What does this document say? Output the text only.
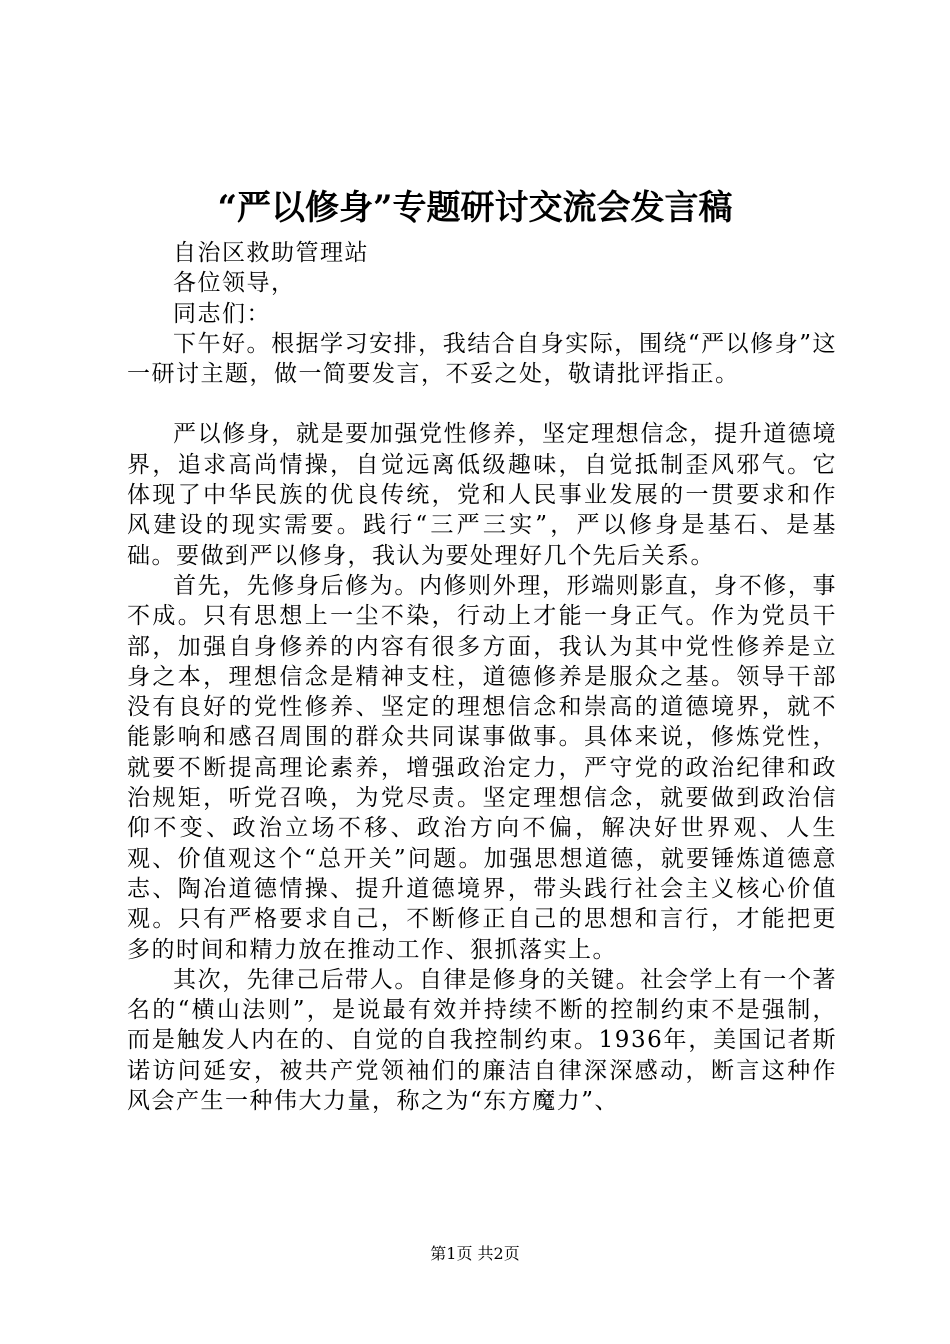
“严以修身”专题研讨交流会发言稿

自治区救助管理站

各位领导，

同志们：

下午好。根据学习安排，我结合自身实际，围绕“严以修身”这一研讨主题，做一简要发言，不妥之处，敬请批评指正。

严以修身，就是要加强党性修养，坚定理想信念，提升道德境界，追求高尚情操，自觉远离低级趣味，自觉抵制歪风邪气。它体现了中华民族的优良传统，党和人民事业发展的一贯要求和作风建设的现实需要。践行“三严三实”，严以修身是基石、是基础。要做到严以修身，我认为要处理好几个先后关系。

首先，先修身后修为。内修则外理，形端则影直，身不修，事不成。只有思想上一尘不染，行动上才能一身正气。作为党员干部，加强自身修养的内容有很多方面，我认为其中党性修养是立身之本，理想信念是精神支柱，道德修养是服众之基。领导干部没有良好的党性修养、坚定的理想信念和崇高的道德境界，就不能影响和感召周围的群众共同谋事做事。具体来说，修炼党性，就要不断提高理论素养，增强政治定力，严守党的政治纪律和政治规矩，听党召唤，为党尽责。坚定理想信念，就要做到政治信仰不变、政治立场不移、政治方向不偏，解决好世界观、人生观、价值观这个“总开关”问题。加强思想道德，就要锤炼道德意志、陶冶道德情操、提升道德境界，带头践行社会主义核心价值观。只有严格要求自己，不断修正自己的思想和言行，才能把更多的时间和精力放在推动工作、狠抓落实上。

其次，先律己后带人。自律是修身的关键。社会学上有一个著名的“横山法则”，是说最有效并持续不断的控制约束不是强制，而是触发人内在的、自觉的自我控制约束。1936年，美国记者斯诺访问延安，被共产党领袖们的廉洁自律深深感动，断言这种作风会产生一种伟大力量，称之为“东方魔力”、

第1页 共2页
